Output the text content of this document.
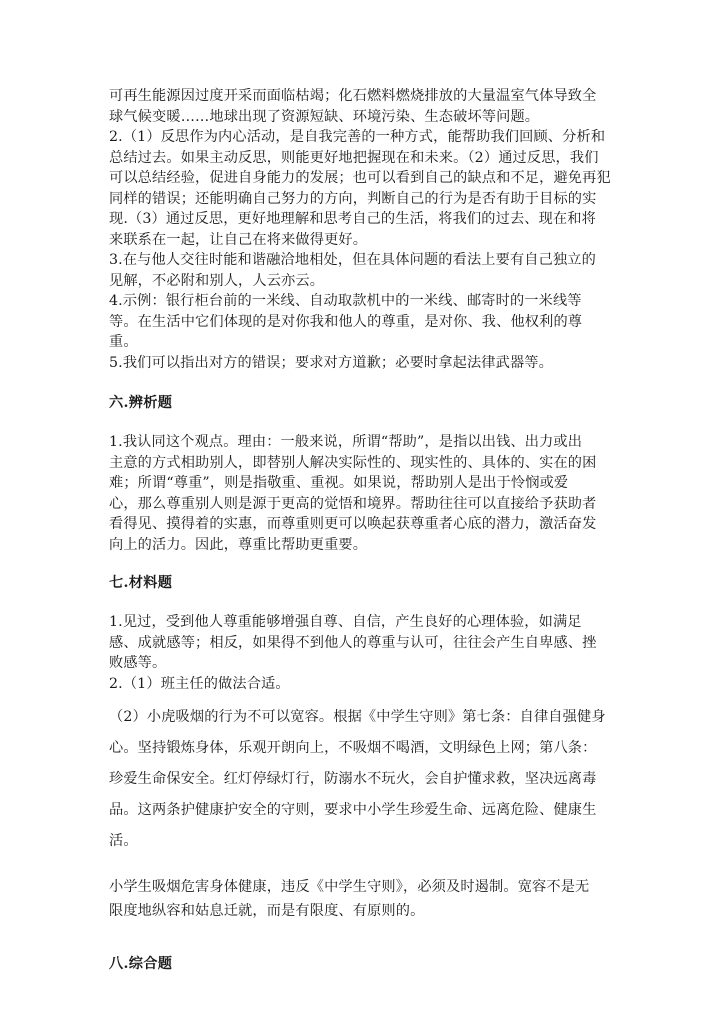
可再生能源因过度开采而面临枯竭；化石燃料燃烧排放的大量温室气体导致全

球气候变暖……地球出现了资源短缺、环境污染、生态破坏等问题。

2.（1）反思作为内心活动，是自我完善的一种方式，能帮助我们回顾、分析和

总结过去。如果主动反思，则能更好地把握现在和未来。（2）通过反思，我们

可以总结经验，促进自身能力的发展；也可以看到自己的缺点和不足，避免再犯

同样的错误；还能明确自己努力的方向，判断自己的行为是否有助于目标的实

现.（3）通过反思，更好地理解和思考自己的生活，将我们的过去、现在和将

来联系在一起，让自己在将来做得更好。

3.在与他人交往时能和谐融洽地相处，但在具体问题的看法上要有自己独立的

见解，不必附和别人，人云亦云。

4.示例：银行柜台前的一米线、自动取款机中的一米线、邮寄时的一米线等

等。在生活中它们体现的是对你我和他人的尊重，是对你、我、他权利的尊

重。

5.我们可以指出对方的错误；要求对方道歉；必要时拿起法律武器等。

六.辨析题

1.我认同这个观点。理由：一般来说，所谓“帮助”，是指以出钱、出力或出

主意的方式相助别人，即替别人解决实际性的、现实性的、具体的、实在的困

难；所谓“尊重”，则是指敬重、重视。如果说，帮助别人是出于怜悯或爱

心，那么尊重别人则是源于更高的觉悟和境界。帮助往往可以直接给予获助者

看得见、摸得着的实惠，而尊重则更可以唤起获尊重者心底的潜力，激活奋发

向上的活力。因此，尊重比帮助更重要。

七.材料题

1.见过，受到他人尊重能够增强自尊、自信，产生良好的心理体验，如满足

感、成就感等；相反，如果得不到他人的尊重与认可，往往会产生自卑感、挫

败感等。

2.（1）班主任的做法合适。

（2）小虎吸烟的行为不可以宽容。根据《中学生守则》第七条：自律自强健身

心。坚持锻炼身体，乐观开朗向上，不吸烟不喝酒，文明绿色上网；第八条：

珍爱生命保安全。红灯停绿灯行，防溺水不玩火，会自护懂求救，坚决远离毒

品。这两条护健康护安全的守则，要求中小学生珍爱生命、远离危险、健康生

活。

小学生吸烟危害身体健康，违反《中学生守则》，必须及时遏制。宽容不是无

限度地纵容和姑息迁就，而是有限度、有原则的。

八.综合题
